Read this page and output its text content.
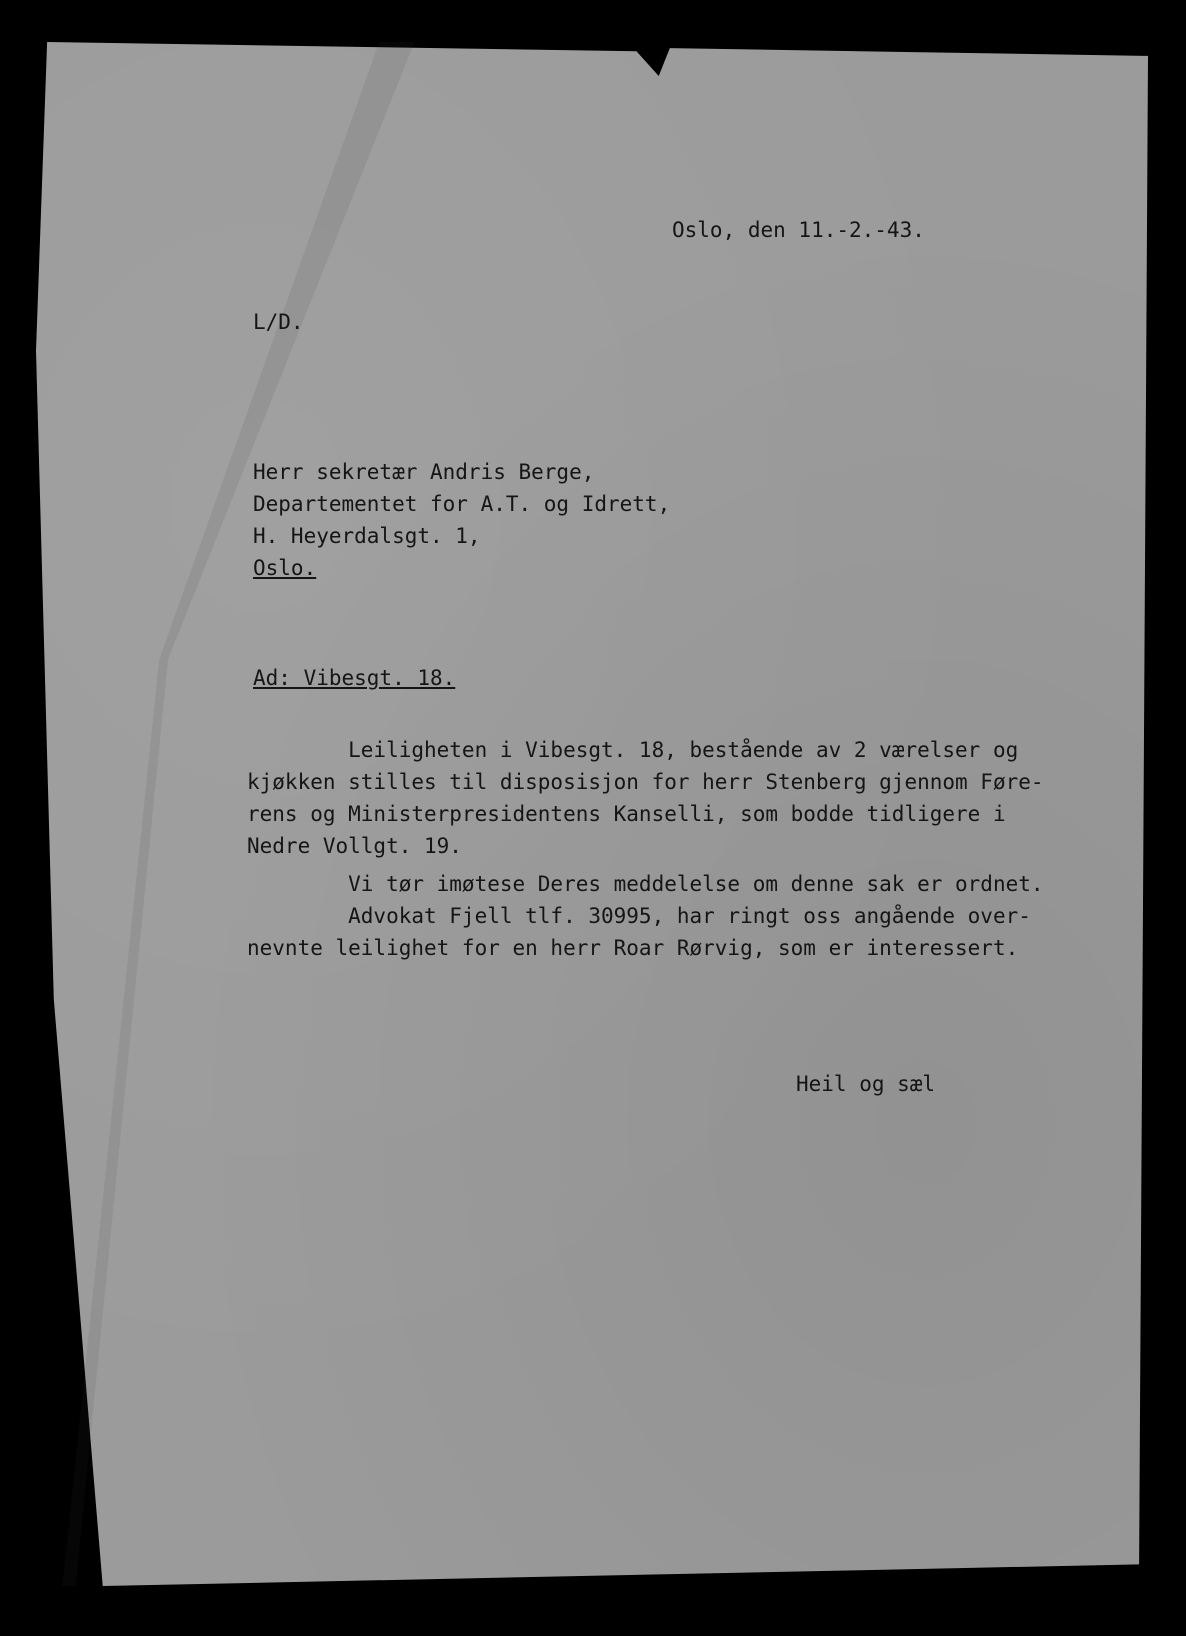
Oslo, den 11.-2.-43.
L/D.
Herr sekretær Andris Berge,
Departementet for A.T. og Idrett,
H. Heyerdalsgt. 1,
Oslo.
Ad: Vibesgt. 18.
Leiligheten i Vibesgt. 18, bestående av 2 værelser og
kjøkken stilles til disposisjon for herr Stenberg gjennom Føre-
rens og Ministerpresidentens Kanselli, som bodde tidligere i
Nedre Vollgt. 19.
Vi tør imøtese Deres meddelelse om denne sak er ordnet.
Advokat Fjell tlf. 30995, har ringt oss angående over-
nevnte leilighet for en herr Roar Rørvig, som er interessert.
Heil og sæl
